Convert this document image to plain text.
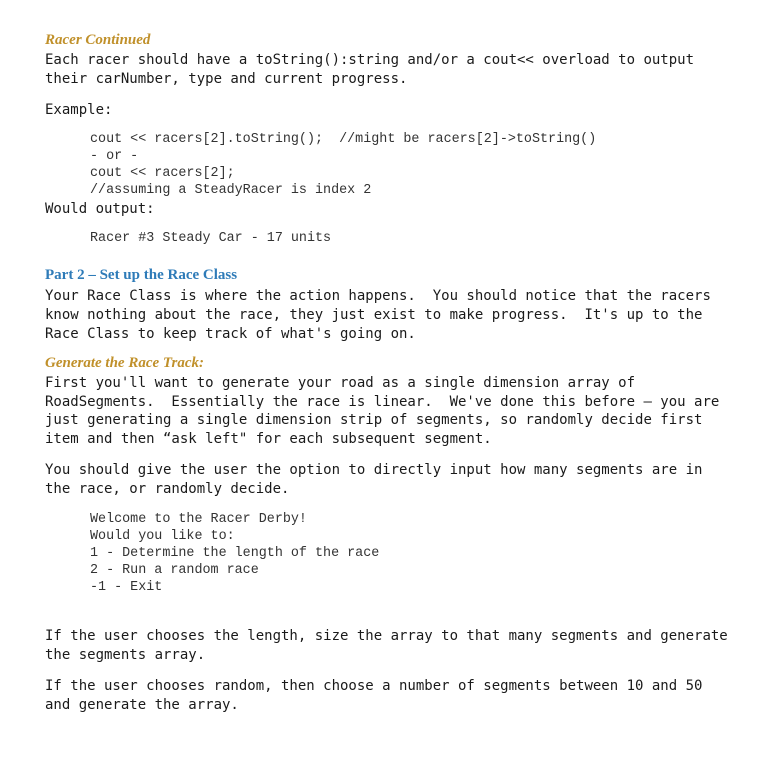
Racer Continued
Each racer should have a toString():string and/or a cout<< overload to output
their carNumber, type and current progress.
Example:
cout << racers[2].toString();  //might be racers[2]->toString()
- or -
cout << racers[2];
//assuming a SteadyRacer is index 2
Would output:
Racer #3 Steady Car - 17 units
Part 2 – Set up the Race Class
Your Race Class is where the action happens.  You should notice that the racers
know nothing about the race, they just exist to make progress.  It's up to the
Race Class to keep track of what's going on.
Generate the Race Track:
First you'll want to generate your road as a single dimension array of
RoadSegments.  Essentially the race is linear.  We've done this before – you are
just generating a single dimension strip of segments, so randomly decide first
item and then “ask left" for each subsequent segment.
You should give the user the option to directly input how many segments are in
the race, or randomly decide.
Welcome to the Racer Derby!
Would you like to:
1 - Determine the length of the race
2 - Run a random race
-1 - Exit
If the user chooses the length, size the array to that many segments and generate
the segments array.
If the user chooses random, then choose a number of segments between 10 and 50
and generate the array.
